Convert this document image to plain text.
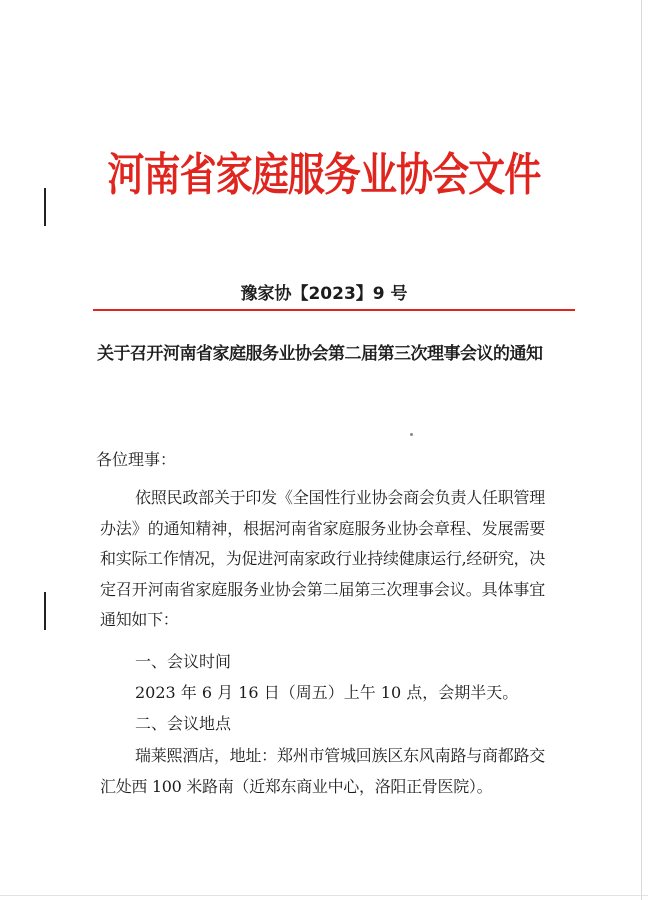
河南省家庭服务业协会文件
豫家协【2023】9 号
关于召开河南省家庭服务业协会第二届第三次理事会议的通知
各位理事：
依照民政部关于印发《全国性行业协会商会负责人任职管理办法》的通知精神，根据河南省家庭服务业协会章程、发展需要和实际工作情况，为促进河南家政行业持续健康运行,经研究，决定召开河南省家庭服务业协会第二届第三次理事会议。具体事宜通知如下：
一、会议时间
2023 年 6 月 16 日（周五）上午 10 点，会期半天。
二、会议地点
瑞莱熙酒店，地址：郑州市管城回族区东风南路与商都路交汇处西 100 米路南（近郑东商业中心，洛阳正骨医院）。
